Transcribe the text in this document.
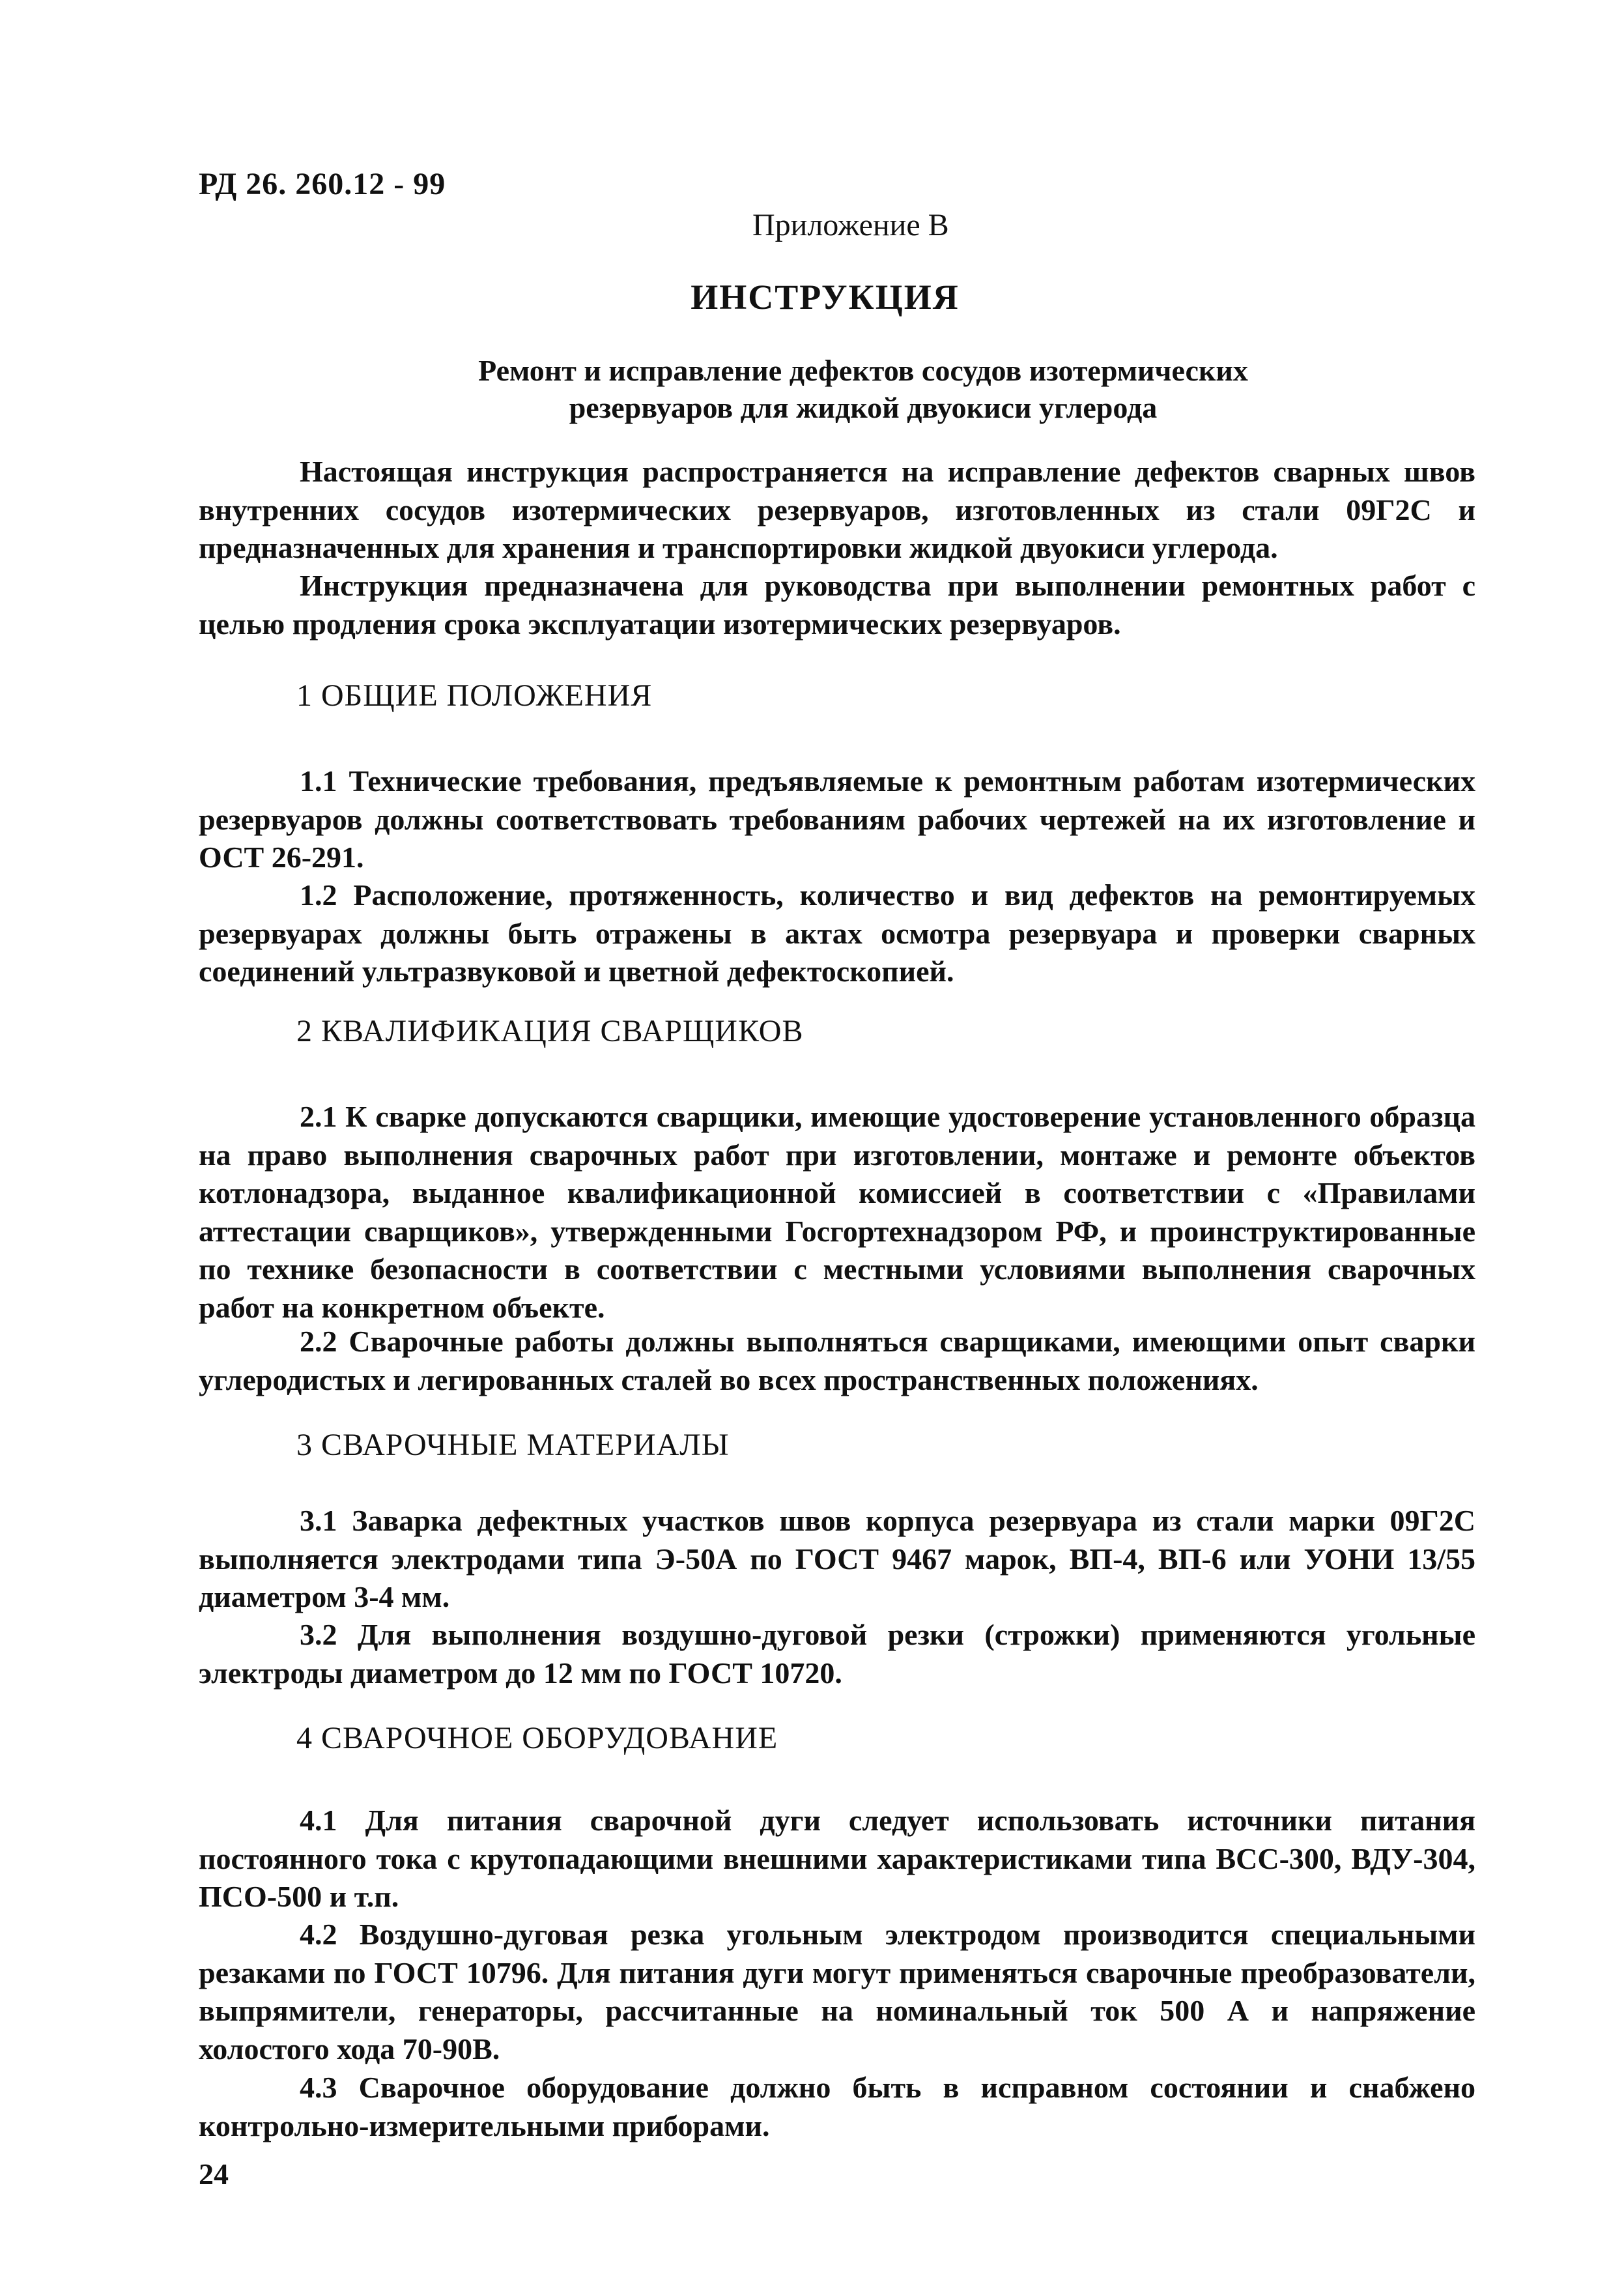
РД 26. 260.12 - 99
Приложение В
ИНСТРУКЦИЯ
Ремонт и исправление дефектов сосудов изотермических
резервуаров для жидкой двуокиси углерода

Настоящая инструкция распространяется на исправление дефектов сварных швов внутренних сосудов изотермических резервуаров, изготовленных из стали 09Г2С и предназначенных для хранения и транспортировки жидкой двуокиси углерода.

Инструкция предназначена для руководства при выполнении ремонтных работ с целью продления срока эксплуатации изотермических резервуаров.

1 ОБЩИЕ ПОЛОЖЕНИЯ

1.1 Технические требования, предъявляемые к ремонтным работам изотермических резервуаров должны соответствовать требованиям рабочих чертежей на их изготовление и ОСТ 26-291.

1.2 Расположение, протяженность, количество и вид дефектов на ремонтируемых резервуарах должны быть отражены в актах осмотра резервуара и проверки сварных соединений ультразвуковой и цветной дефектоскопией.

2 КВАЛИФИКАЦИЯ СВАРЩИКОВ

2.1 К сварке допускаются сварщики, имеющие удостоверение установленного образца на право выполнения сварочных работ при изготовлении, монтаже и ремонте объектов котлонадзора, выданное квалификационной комиссией в соответствии с «Правилами аттестации сварщиков», утвержденными Госгортехнадзором РФ, и проинструктированные по технике безопасности в соответствии с местными условиями выполнения сварочных работ на конкретном объекте.

2.2 Сварочные работы должны выполняться сварщиками, имеющими опыт сварки углеродистых и легированных сталей во всех пространственных положениях.

3 СВАРОЧНЫЕ МАТЕРИАЛЫ

3.1 Заварка дефектных участков швов корпуса резервуара из стали марки 09Г2С выполняется электродами типа Э-50А по ГОСТ 9467 марок, ВП-4, ВП-6 или УОНИ 13/55 диаметром 3-4 мм.

3.2 Для выполнения воздушно-дуговой резки (строжки) применяются угольные электроды диаметром до 12 мм по ГОСТ 10720.

4 СВАРОЧНОЕ ОБОРУДОВАНИЕ

4.1 Для питания сварочной дуги следует использовать источники питания постоянного тока с крутопадающими внешними характеристиками типа ВСС-300, ВДУ-304, ПСО-500 и т.п.

4.2 Воздушно-дуговая резка угольным электродом производится специальными резаками по ГОСТ 10796. Для питания дуги могут применяться сварочные преобразователи, выпрямители, генераторы, рассчитанные на номинальный ток 500 А и напряжение холостого хода 70-90В.

4.3 Сварочное оборудование должно быть в исправном состоянии и снабжено контрольно-измерительными приборами.

24
